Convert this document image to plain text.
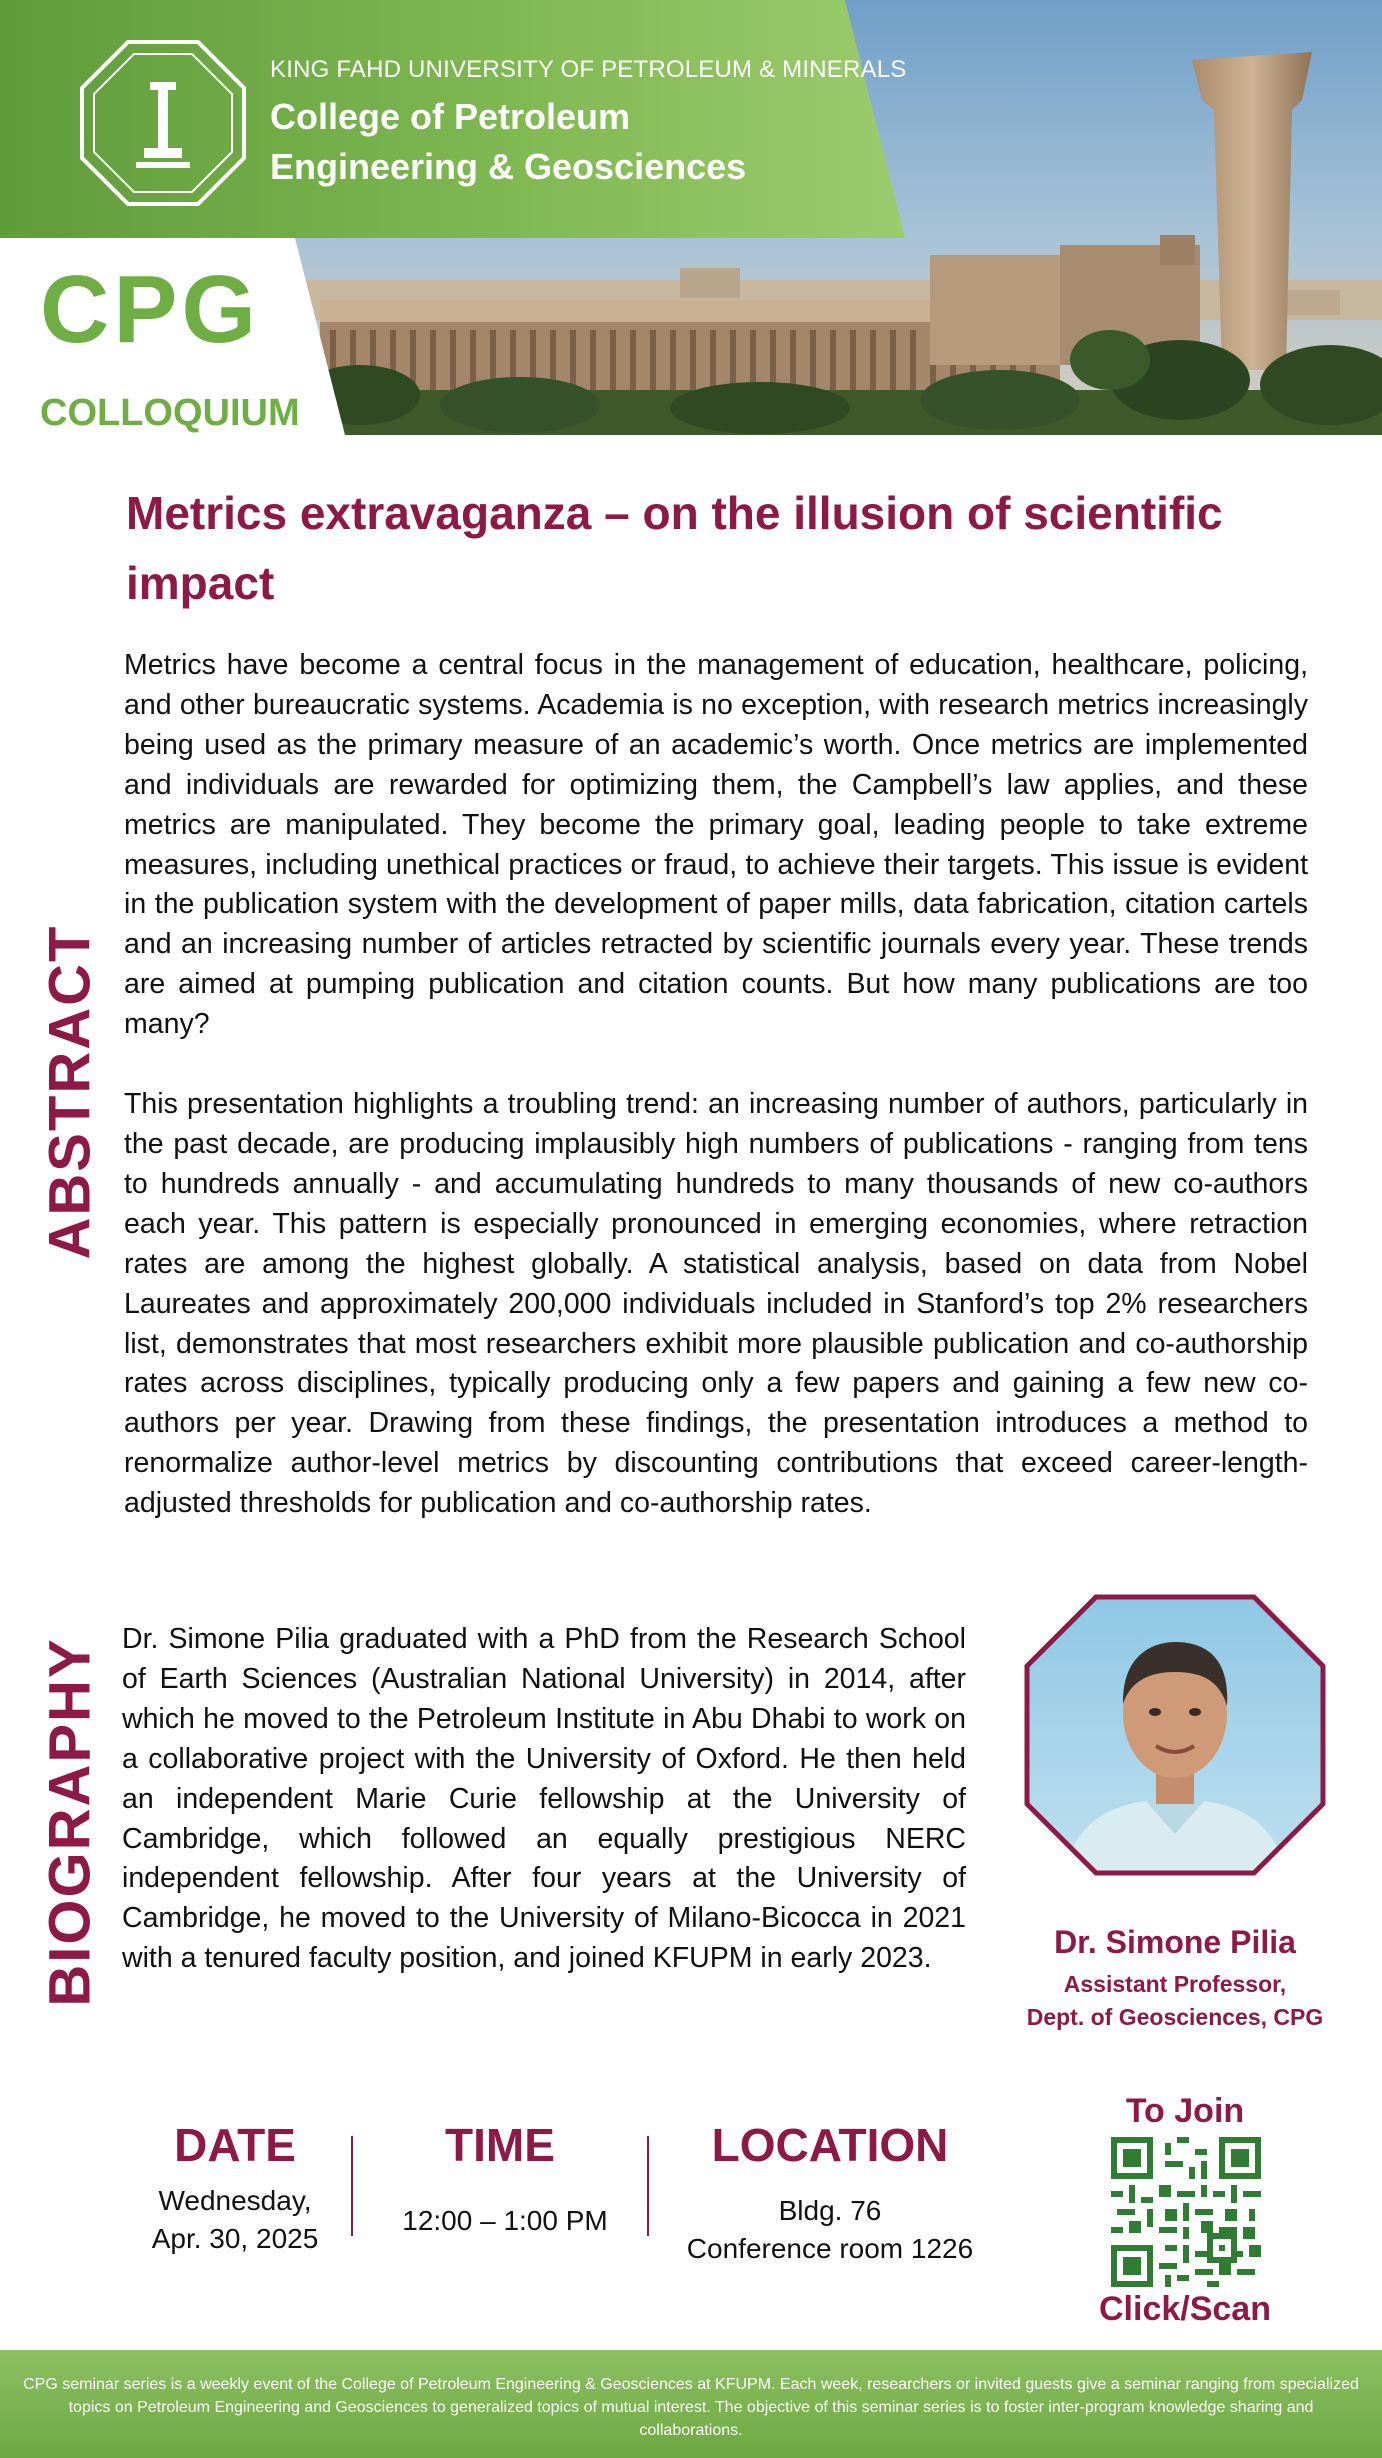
KING FAHD UNIVERSITY OF PETROLEUM & MINERALS
College of Petroleum
Engineering & Geosciences
CPG
COLLOQUIUM
Metrics extravaganza – on the illusion of scientific impact
ABSTRACT

Metrics have become a central focus in the management of education, healthcare, policing, and other bureaucratic systems. Academia is no exception, with research metrics increasingly being used as the primary measure of an academic’s worth. Once metrics are implemented and individuals are rewarded for optimizing them, the Campbell’s law applies, and these metrics are manipulated. They become the primary goal, leading people to take extreme measures, including unethical practices or fraud, to achieve their targets. This issue is evident in the publication system with the development of paper mills, data fabrication, citation cartels and an increasing number of articles retracted by scientific journals every year. These trends are aimed at pumping publication and citation counts. But how many publications are too many?

This presentation highlights a troubling trend: an increasing number of authors, particularly in the past decade, are producing implausibly high numbers of publications - ranging from tens to hundreds annually - and accumulating hundreds to many thousands of new co-authors each year. This pattern is especially pronounced in emerging economies, where retraction rates are among the highest globally. A statistical analysis, based on data from Nobel Laureates and approximately 200,000 individuals included in Stanford’s top 2% researchers list, demonstrates that most researchers exhibit more plausible publication and co-authorship rates across disciplines, typically producing only a few papers and gaining a few new co-authors per year. Drawing from these findings, the presentation introduces a method to renormalize author-level metrics by discounting contributions that exceed career-length-adjusted thresholds for publication and co-authorship rates.

BIOGRAPHY Dr. Simone Pilia graduated with a PhD from the Research School of Earth Sciences (Australian National University) in 2014, after which he moved to the Petroleum Institute in Abu Dhabi to work on a collaborative project with the University of Oxford. He then held an independent Marie Curie fellowship at the University of Cambridge, which followed an equally prestigious NERC independent fellowship. After four years at the University of Cambridge, he moved to the University of Milano-Bicocca in 2021 with a tenured faculty position, and joined KFUPM in early 2023.	Dr. Simone Pilia
Assistant Professor,
Dept. of Geosciences, CPG
DATE
Wednesday,
Apr. 30, 2025
TIME
12:00 – 1:00 PM
LOCATION
Bldg. 76
Conference room 1226
To Join
Click/Scan
CPG seminar series is a weekly event of the College of Petroleum Engineering & Geosciences at KFUPM. Each week, researchers or invited guests give a seminar ranging from specialized topics on Petroleum Engineering and Geosciences to generalized topics of mutual interest. The objective of this seminar series is to foster inter-program knowledge sharing and collaborations.
